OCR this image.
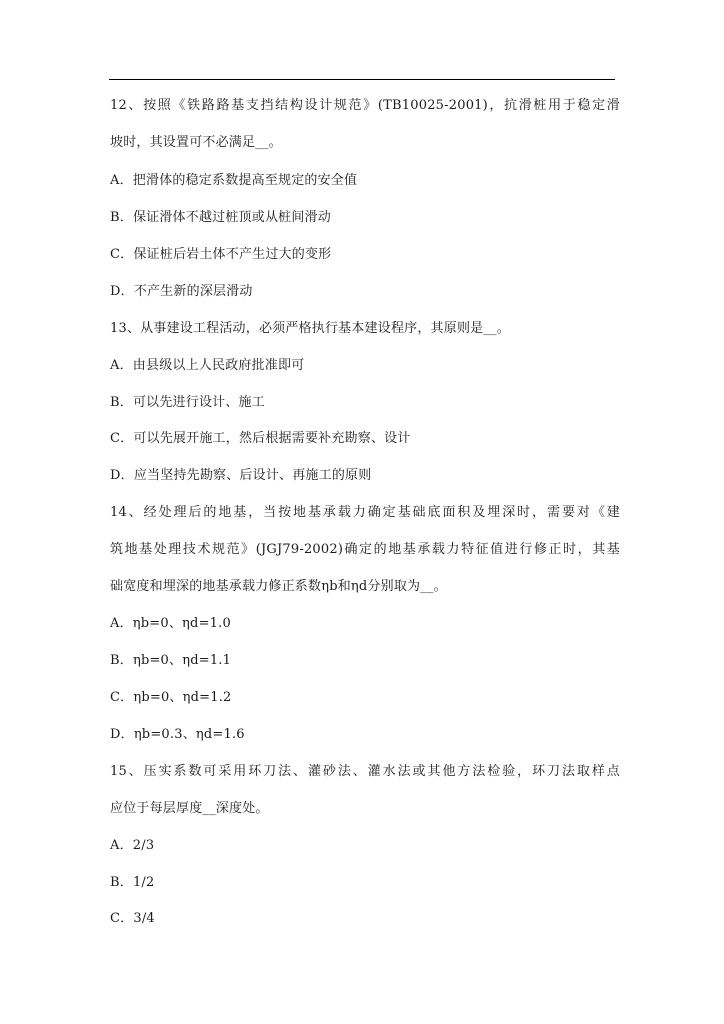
12、按照《铁路路基支挡结构设计规范》(TB10025-2001)，抗滑桩用于稳定滑
坡时，其设置可不必满足__。
A．把滑体的稳定系数提高至规定的安全值
B．保证滑体不越过桩顶或从桩间滑动
C．保证桩后岩土体不产生过大的变形
D．不产生新的深层滑动
13、从事建设工程活动，必须严格执行基本建设程序，其原则是__。
A．由县级以上人民政府批准即可
B．可以先进行设计、施工
C．可以先展开施工，然后根据需要补充勘察、设计
D．应当坚持先勘察、后设计、再施工的原则
14、经处理后的地基，当按地基承载力确定基础底面积及埋深时，需要对《建
筑地基处理技术规范》(JGJ79-2002)确定的地基承载力特征值进行修正时，其基
础宽度和埋深的地基承载力修正系数ηb和ηd分别取为__。
A．ηb=0、ηd=1.0
B．ηb=0、ηd=1.1
C．ηb=0、ηd=1.2
D．ηb=0.3、ηd=1.6
15、压实系数可采用环刀法、灌砂法、灌水法或其他方法检验，环刀法取样点
应位于每层厚度__深度处。
A．2/3
B．1/2
C．3/4
